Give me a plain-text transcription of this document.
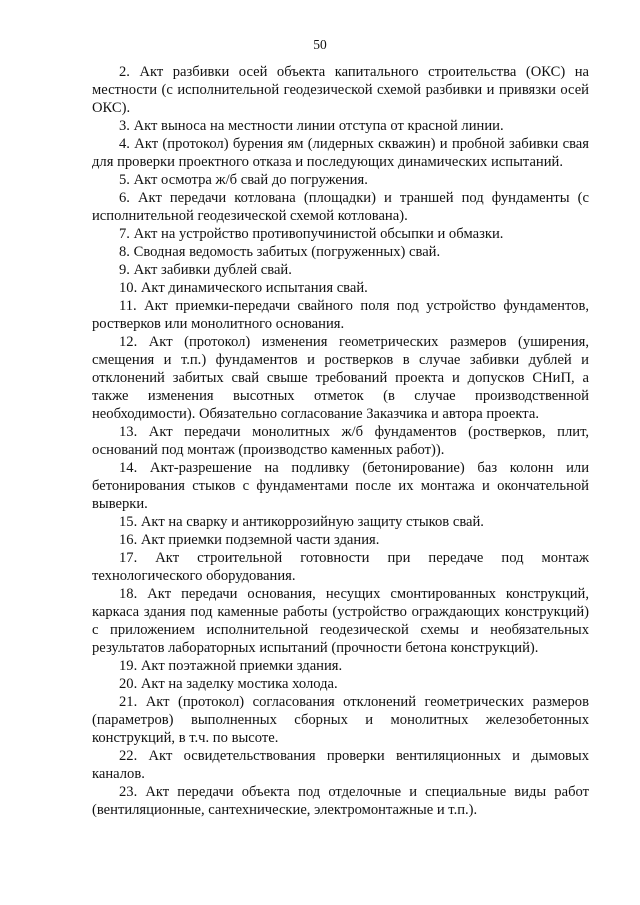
50

2. Акт разбивки осей объекта капитального строительства (ОКС) на местности (с исполнительной геодезической схемой разбивки и привязки осей ОКС).

3. Акт выноса на местности линии отступа от красной линии.

4. Акт (протокол) бурения ям (лидерных скважин) и пробной забивки свая для проверки проектного отказа и последующих динамических испытаний.

5. Акт осмотра ж/б свай до погружения.

6. Акт передачи котлована (площадки) и траншей под фундаменты (с исполнительной геодезической схемой котлована).

7. Акт на устройство противопучинистой обсыпки и обмазки.

8. Сводная ведомость забитых (погруженных) свай.

9. Акт забивки дублей свай.

10. Акт динамического испытания свай.

11. Акт приемки-передачи свайного поля под устройство фундаментов, ростверков или монолитного основания.

12. Акт (протокол) изменения геометрических размеров (уширения, смещения и т.п.) фундаментов и ростверков в случае забивки дублей и отклонений забитых свай свыше требований проекта и допусков СНиП, а также изменения высотных отметок (в случае производственной необходимости). Обязательно согласование Заказчика и автора проекта.

13. Акт передачи монолитных ж/б фундаментов (ростверков, плит, оснований под монтаж (производство каменных работ)).

14. Акт-разрешение на подливку (бетонирование) баз колонн или бетонирования стыков с фундаментами после их монтажа и окончательной выверки.

15. Акт на сварку и антикоррозийную защиту стыков свай.

16. Акт приемки подземной части здания.

17. Акт строительной готовности при передаче под монтаж технологического оборудования.

18. Акт передачи основания, несущих смонтированных конструкций, каркаса здания под каменные работы (устройство ограждающих конструкций) с приложением исполнительной геодезической схемы и необязательных результатов лабораторных испытаний (прочности бетона конструкций).

19. Акт поэтажной приемки здания.

20. Акт на заделку мостика холода.

21. Акт (протокол) согласования отклонений геометрических размеров (параметров) выполненных сборных и монолитных железобетонных конструкций, в т.ч. по высоте.

22. Акт освидетельствования проверки вентиляционных и дымовых каналов.

23. Акт передачи объекта под отделочные и специальные виды работ (вентиляционные, сантехнические, электромонтажные и т.п.).
